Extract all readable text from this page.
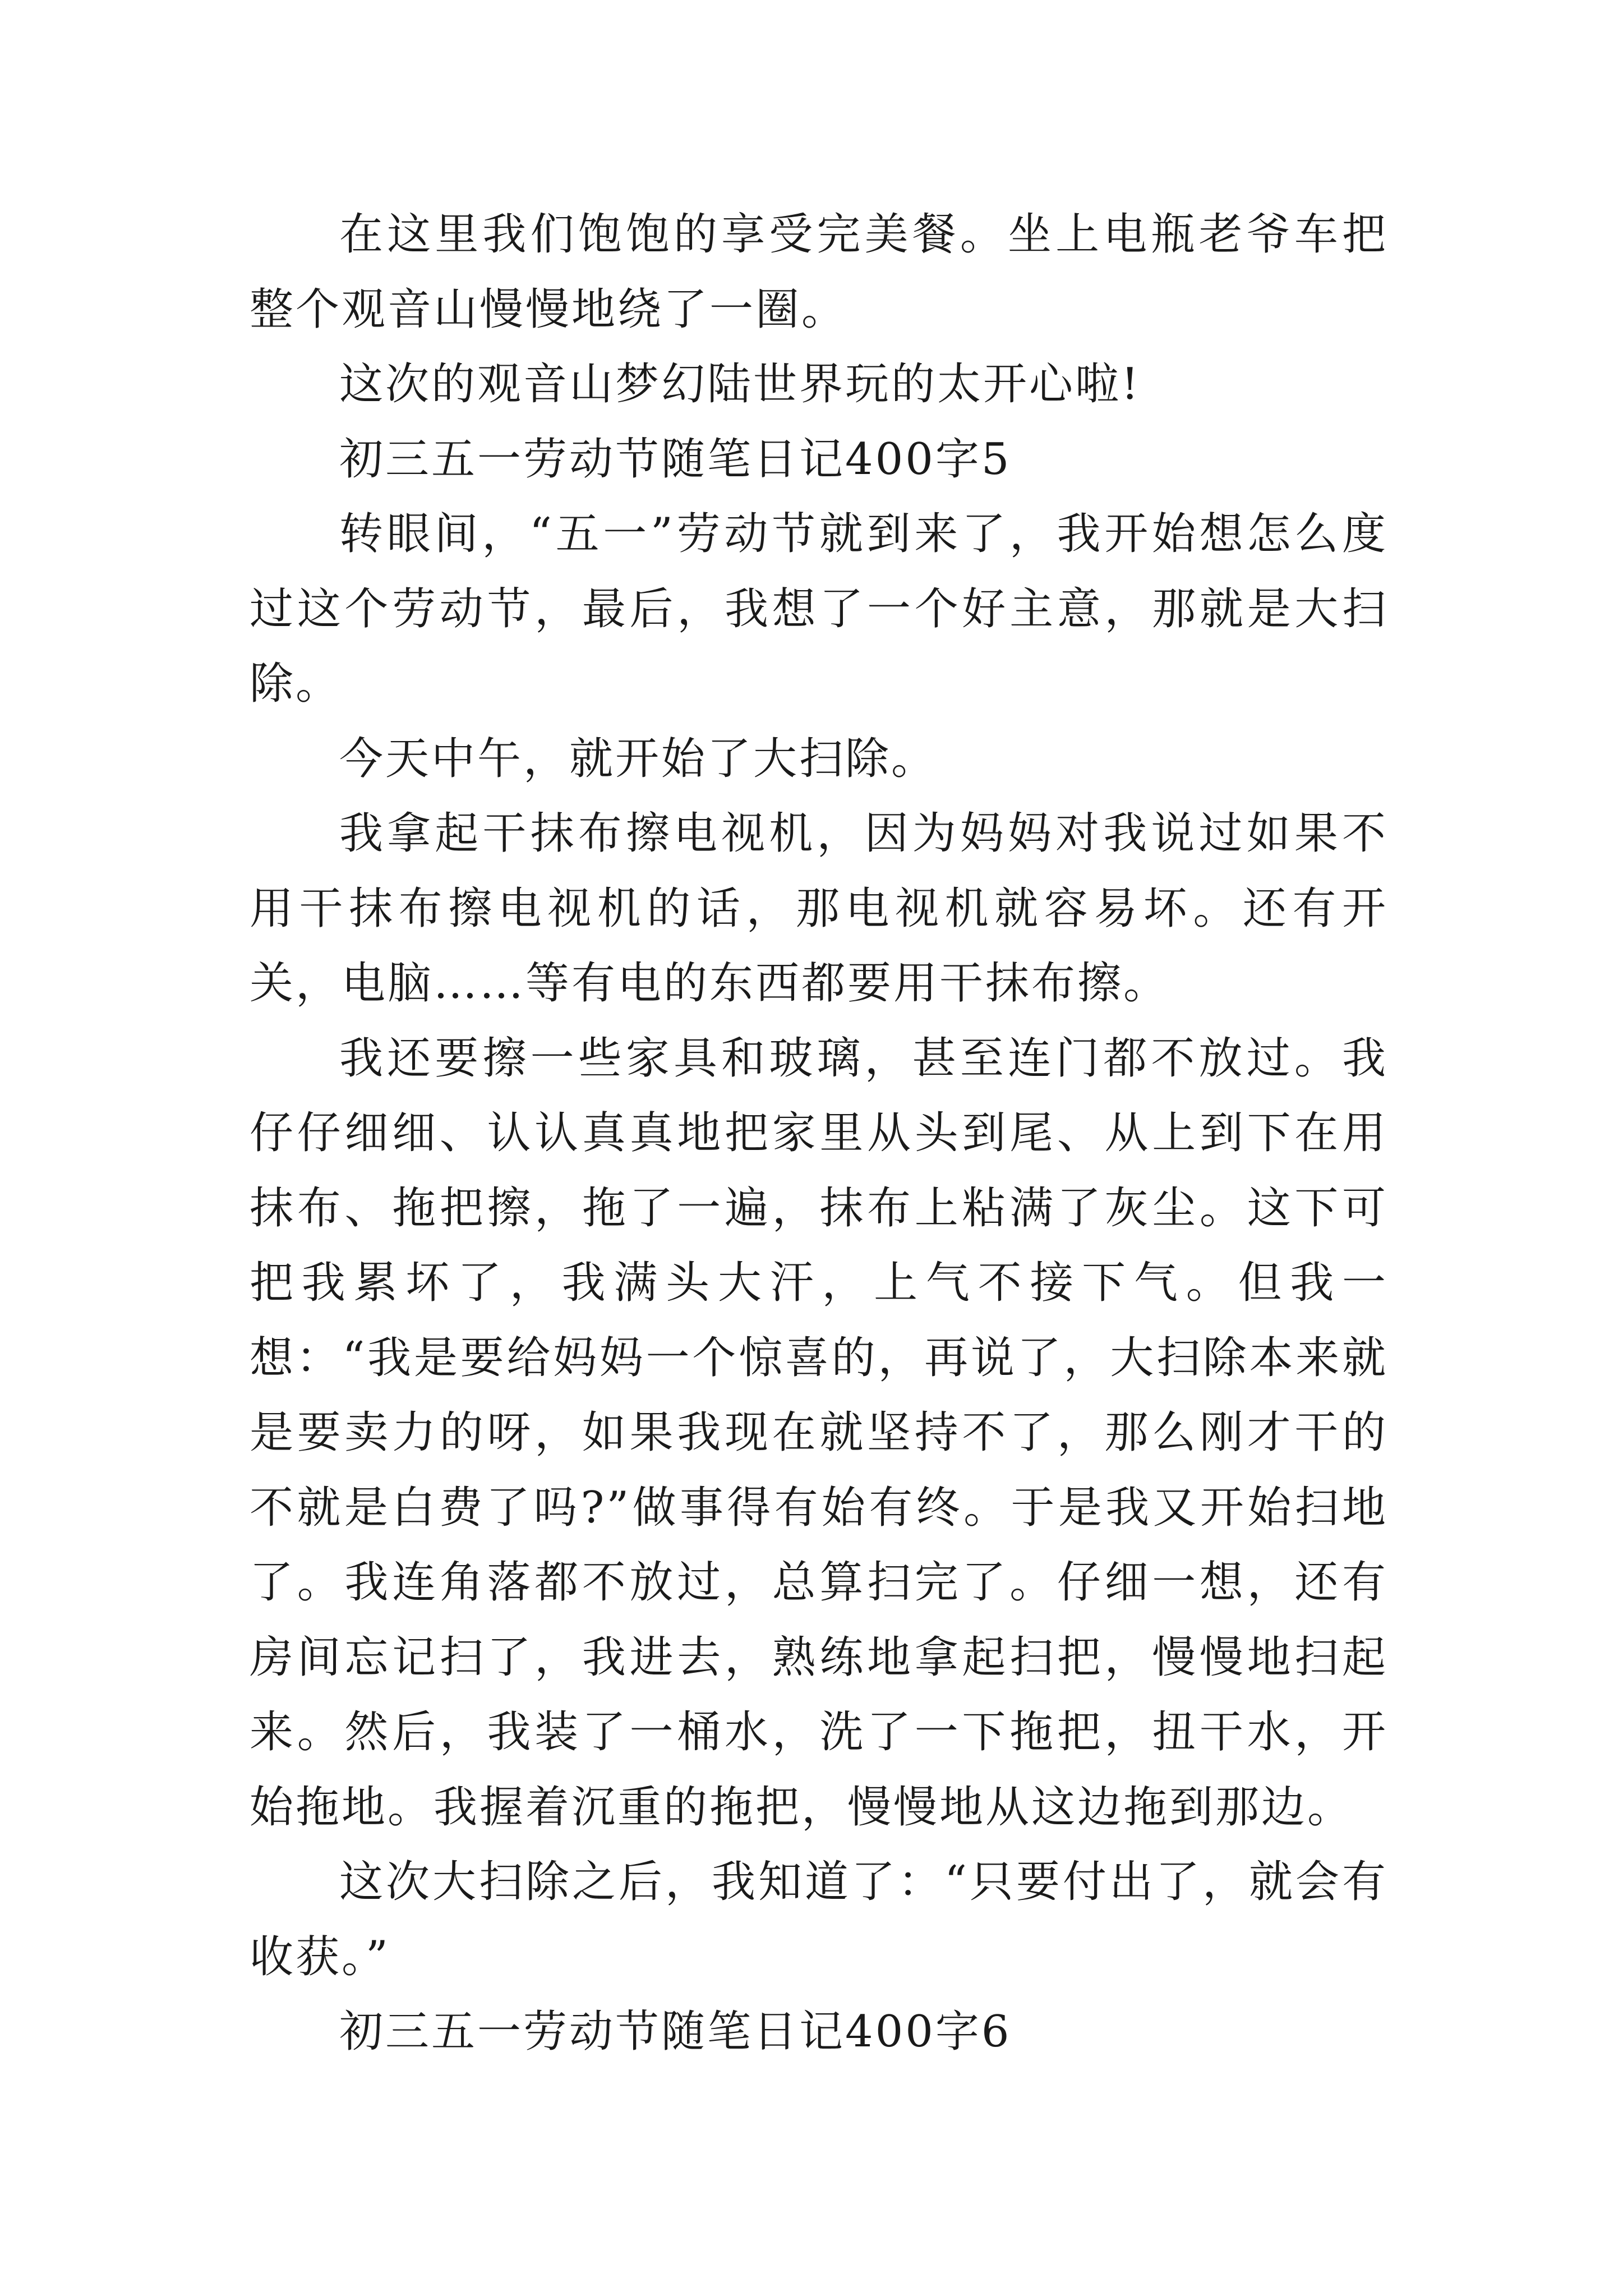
在这里我们饱饱的享受完美餐。坐上电瓶老爷车把整个观音山慢慢地绕了一圈。

这次的观音山梦幻陆世界玩的太开心啦!

初三五一劳动节随笔日记400字5

转眼间，“五一”劳动节就到来了，我开始想怎么度过这个劳动节，最后，我想了一个好主意，那就是大扫除。

今天中午，就开始了大扫除。

我拿起干抹布擦电视机，因为妈妈对我说过如果不用干抹布擦电视机的话，那电视机就容易坏。还有开关，电脑……等有电的东西都要用干抹布擦。

我还要擦一些家具和玻璃，甚至连门都不放过。我仔仔细细、认认真真地把家里从头到尾、从上到下在用抹布、拖把擦，拖了一遍，抹布上粘满了灰尘。这下可把我累坏了，我满头大汗，上气不接下气。但我一想：“我是要给妈妈一个惊喜的，再说了，大扫除本来就是要卖力的呀，如果我现在就坚持不了，那么刚才干的不就是白费了吗?”做事得有始有终。于是我又开始扫地了。我连角落都不放过，总算扫完了。仔细一想，还有房间忘记扫了，我进去，熟练地拿起扫把，慢慢地扫起来。然后，我装了一桶水，洗了一下拖把，扭干水，开始拖地。我握着沉重的拖把，慢慢地从这边拖到那边。

这次大扫除之后，我知道了：“只要付出了，就会有收获。”

初三五一劳动节随笔日记400字6
